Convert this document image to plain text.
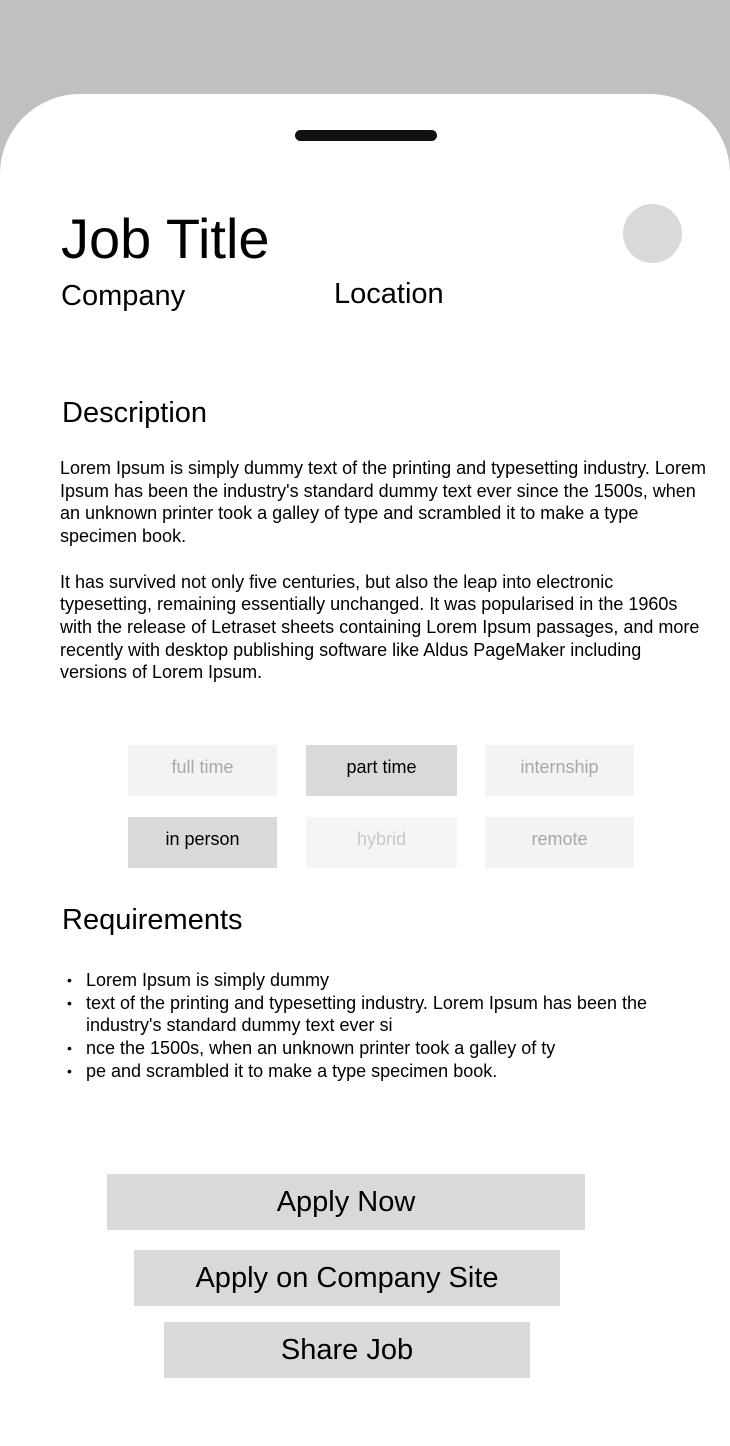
Job Title
Company	Location
Description

Lorem Ipsum is simply dummy text of the printing and typesetting industry. Lorem Ipsum has been the industry's standard dummy text ever since the 1500s, when an unknown printer took a galley of type and scrambled it to make a type specimen book.

It has survived not only five centuries, but also the leap into electronic typesetting, remaining essentially unchanged. It was popularised in the 1960s with the release of Letraset sheets containing Lorem Ipsum passages, and more recently with desktop publishing software like Aldus PageMaker including versions of Lorem Ipsum.

full time	part time	internship
in person	hybrid	remote
Requirements
• Lorem Ipsum is simply dummy
• text of the printing and typesetting industry. Lorem Ipsum has been the industry's standard dummy text ever si
• nce the 1500s, when an unknown printer took a galley of ty
• pe and scrambled it to make a type specimen book.
Apply Now
Apply on Company Site
Share Job
